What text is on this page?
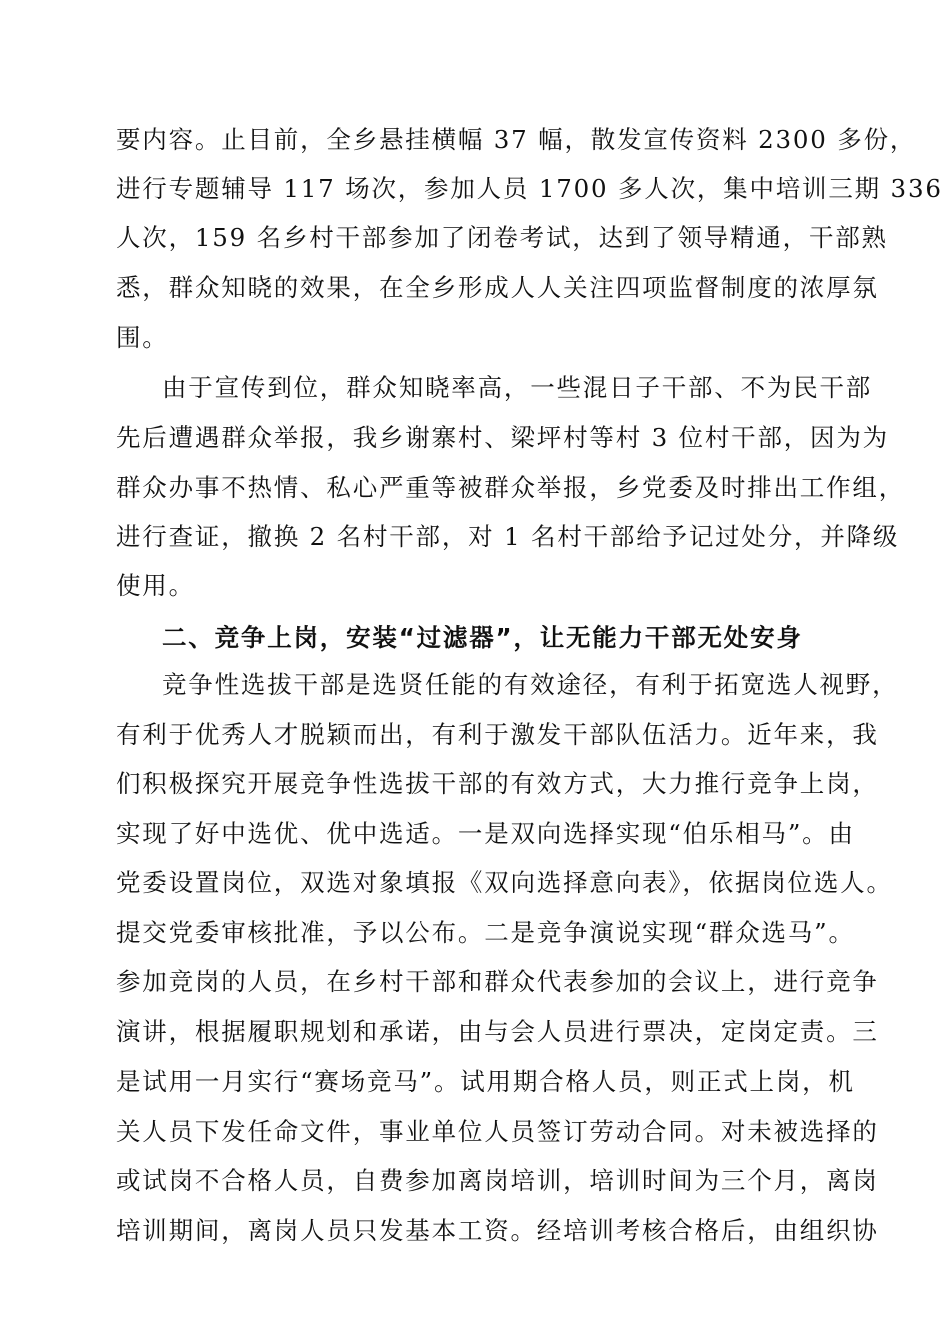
要内容。止目前，全乡悬挂横幅 37 幅，散发宣传资料 2300 多份，
进行专题辅导 117 场次，参加人员 1700 多人次，集中培训三期 336
人次，159 名乡村干部参加了闭卷考试，达到了领导精通，干部熟
悉，群众知晓的效果，在全乡形成人人关注四项监督制度的浓厚氛
围。
由于宣传到位，群众知晓率高，一些混日子干部、不为民干部
先后遭遇群众举报，我乡谢寨村、梁坪村等村 3 位村干部，因为为
群众办事不热情、私心严重等被群众举报，乡党委及时排出工作组，
进行查证，撤换 2 名村干部，对 1 名村干部给予记过处分，并降级
使用。
二、竞争上岗，安装“过滤器”，让无能力干部无处安身
竞争性选拔干部是选贤任能的有效途径，有利于拓宽选人视野，
有利于优秀人才脱颖而出，有利于激发干部队伍活力。近年来，我
们积极探究开展竞争性选拔干部的有效方式，大力推行竞争上岗，
实现了好中选优、优中选适。一是双向选择实现“伯乐相马”。由
党委设置岗位，双选对象填报《双向选择意向表》，依据岗位选人。
提交党委审核批准，予以公布。二是竞争演说实现“群众选马”。
参加竞岗的人员，在乡村干部和群众代表参加的会议上，进行竞争
演讲，根据履职规划和承诺，由与会人员进行票决，定岗定责。三
是试用一月实行“赛场竞马”。试用期合格人员，则正式上岗，机
关人员下发任命文件，事业单位人员签订劳动合同。对未被选择的
或试岗不合格人员，自费参加离岗培训，培训时间为三个月，离岗
培训期间，离岗人员只发基本工资。经培训考核合格后，由组织协
